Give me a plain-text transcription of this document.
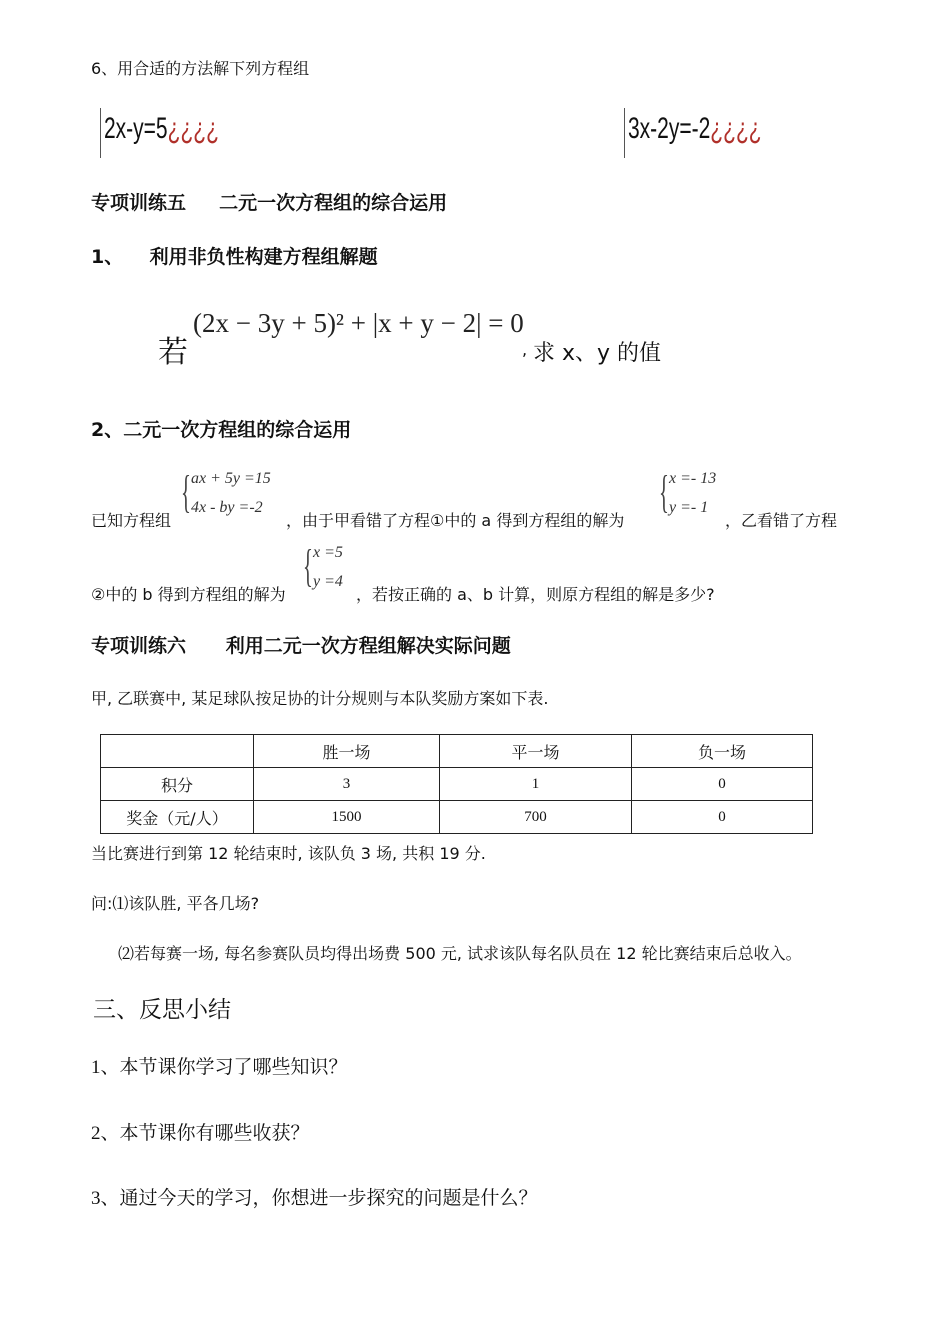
6、用合适的方法解下列方程组
2x-y=5¿¿¿¿	3x-2y=-2¿¿¿¿
专项训练五     二元一次方程组的综合运用
1、    利用非负性构建方程组解题
若
(2x − 3y + 5)² + |x + y − 2| = 0
, 求 x、y 的值
2、二元一次方程组的综合运用
{ ax + 5y =15
4x - by =-2
已知方程组	，由于甲看错了方程①中的 a 得到方程组的解为
{ x =- 13
y =- 1
，乙看错了方程
{ x =5
y =4
②中的 b 得到方程组的解为	，若按正确的 a、b 计算，则原方程组的解是多少?
专项训练六      利用二元一次方程组解决实际问题
甲, 乙联赛中, 某足球队按足协的计分规则与本队奖励方案如下表.
	胜一场	平一场	负一场
积分	3	1	0
奖金（元/人）	1500	700	0
当比赛进行到第 12 轮结束时, 该队负 3 场, 共积 19 分.
问:⑴该队胜, 平各几场?
⑵若每赛一场, 每名参赛队员均得出场费 500 元, 试求该队每名队员在 12 轮比赛结束后总收入。
三、反思小结
1、本节课你学习了哪些知识？
2、本节课你有哪些收获？
3、通过今天的学习，你想进一步探究的问题是什么？
